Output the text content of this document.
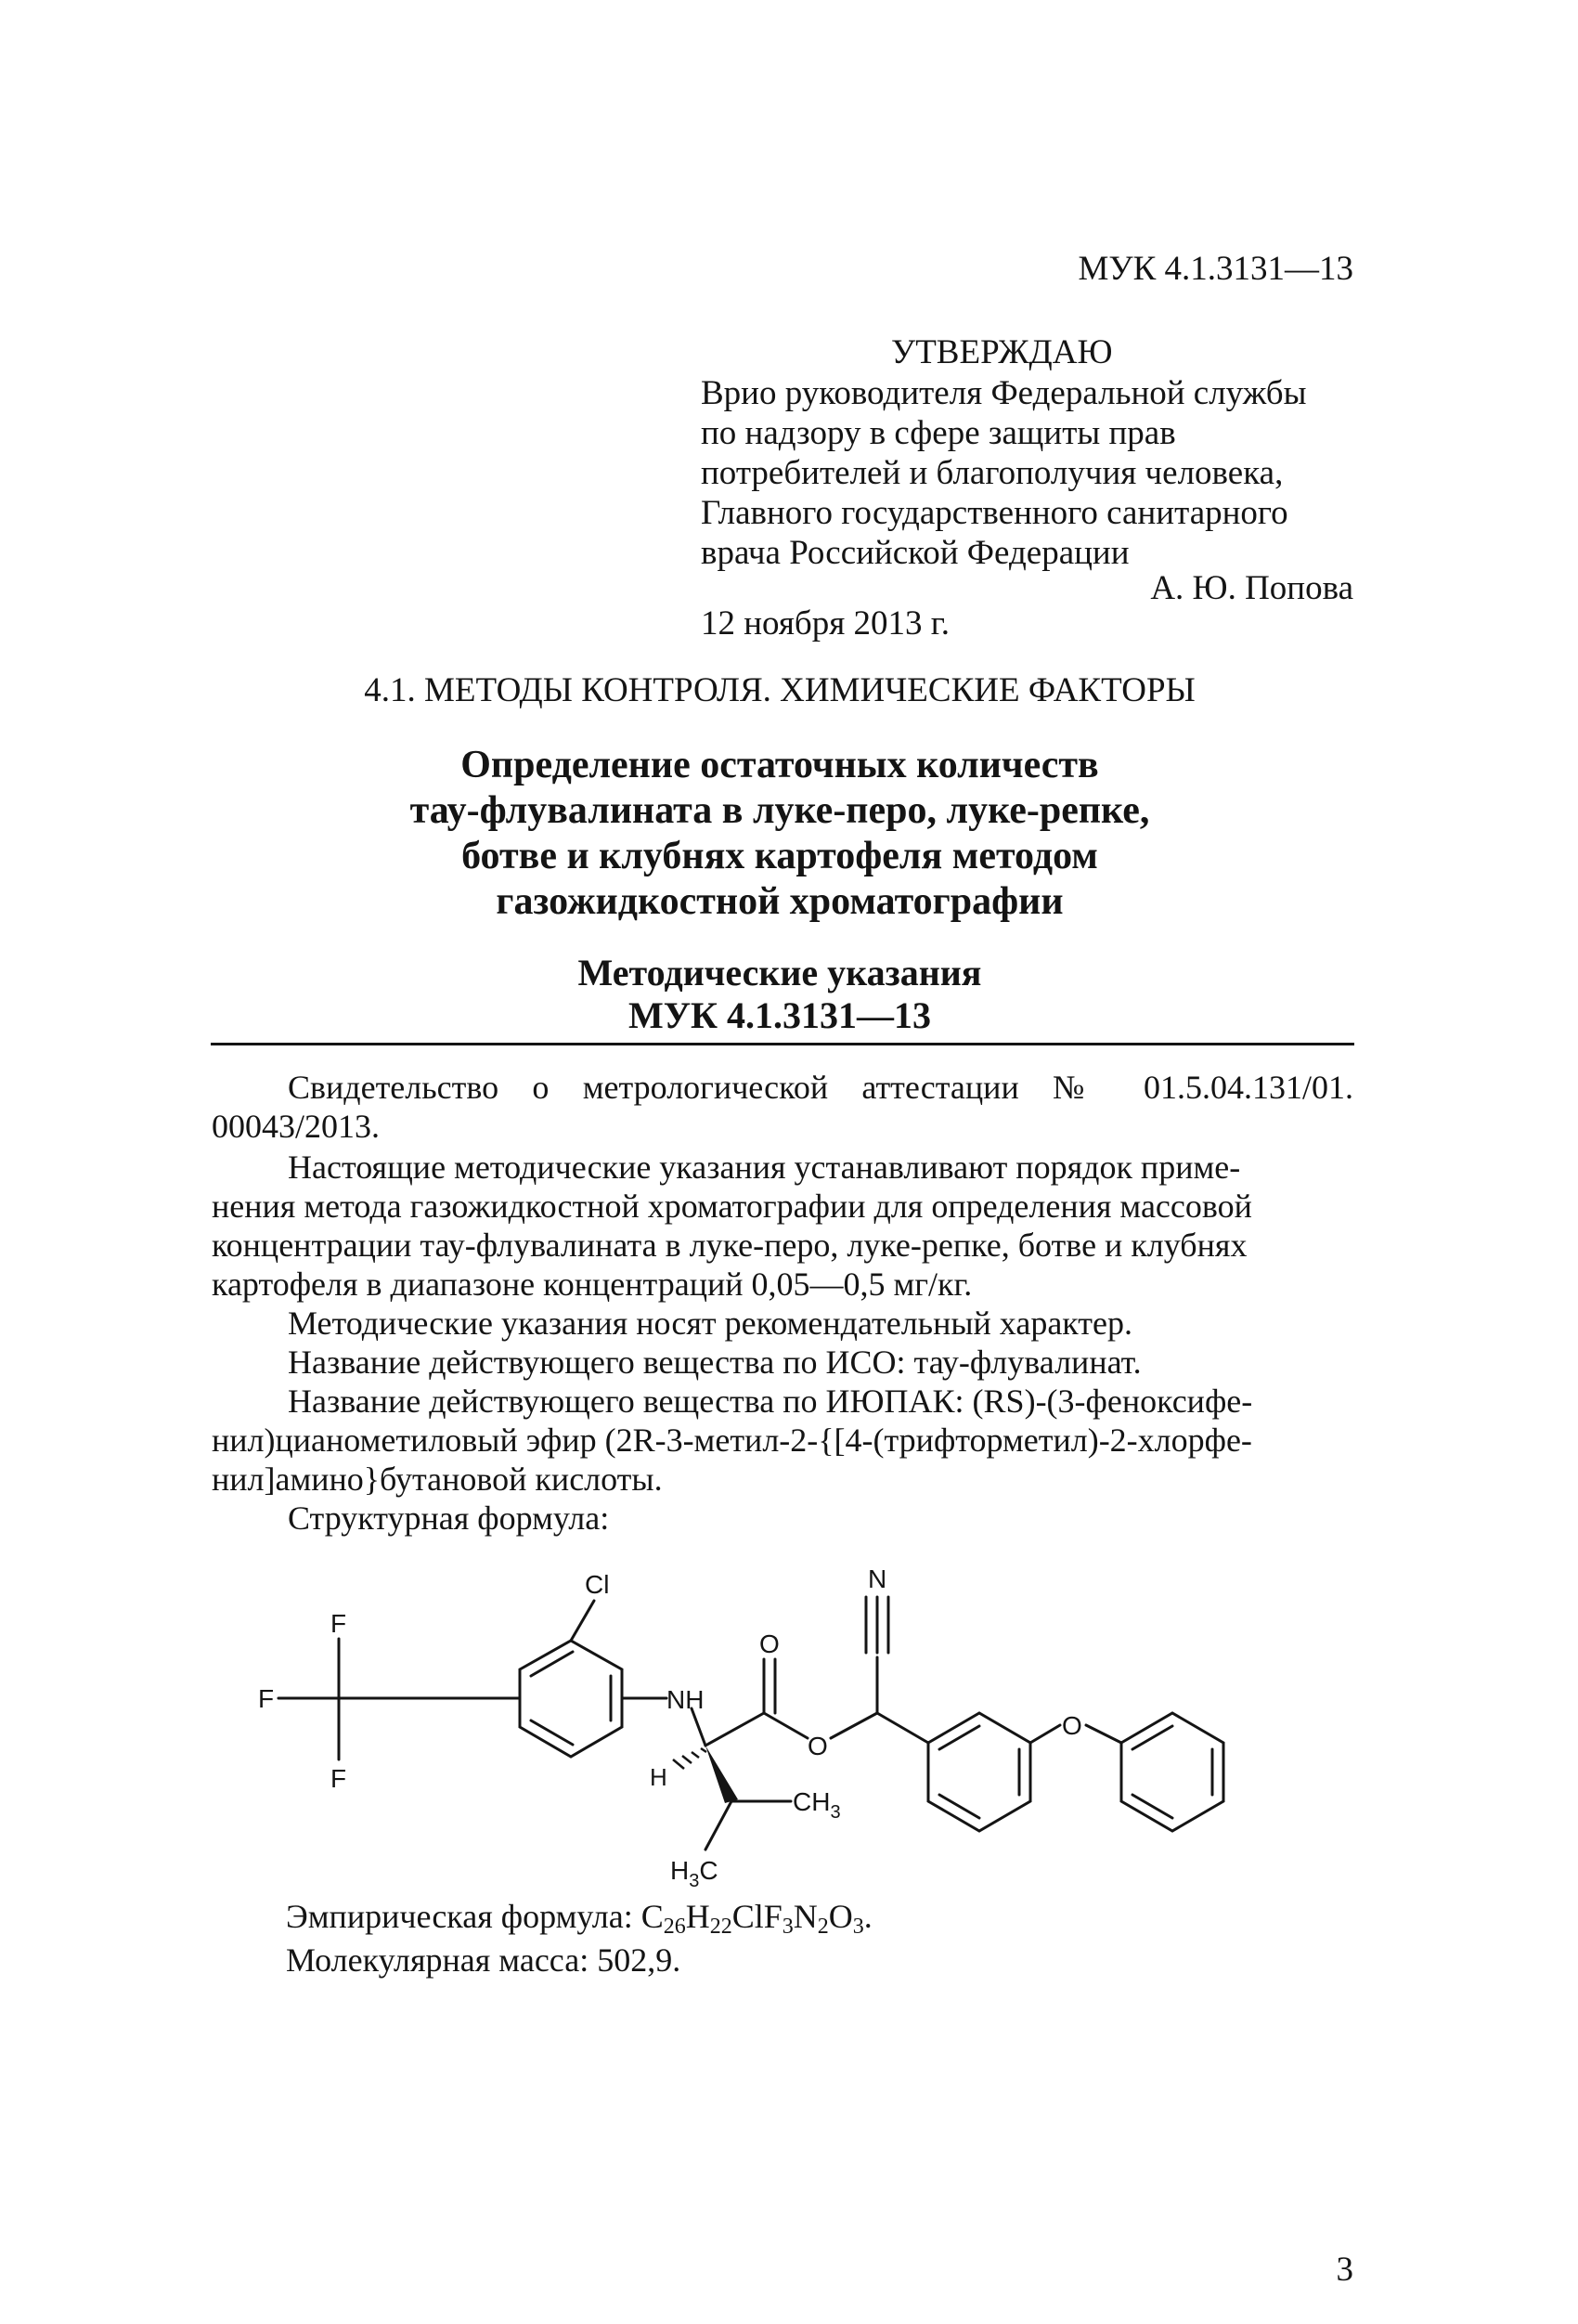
МУК 4.1.3131—13
УТВЕРЖДАЮ
Врио руководителя Федеральной службы
по надзору в сфере защиты прав
потребителей и благополучия человека,
Главного государственного санитарного
врача Российской Федерации
А. Ю. Попова
12 ноября 2013 г.
4.1. МЕТОДЫ КОНТРОЛЯ. ХИМИЧЕСКИЕ ФАКТОРЫ
Определение остаточных количеств
тау-флувалината в луке-перо, луке-репке,
ботве и клубнях картофеля методом
газожидкостной хроматографии
Методические указания
МУК 4.1.3131—13
Свидетельство о метрологической аттестации № 01.5.04.131/01.
00043/2013.
Настоящие методические указания устанавливают порядок приме-
нения метода газожидкостной хроматографии для определения массовой
концентрации тау-флувалината в луке-перо, луке-репке, ботве и клубнях
картофеля в диапазоне концентраций 0,05—0,5 мг/кг.
Методические указания носят рекомендательный характер.
Название действующего вещества по ИСО: тау-флувалинат.
Название действующего вещества по ИЮПАК: (RS)-(3-феноксифе-
нил)цианометиловый эфир (2R-3-метил-2-{[4-(трифторметил)-2-хлорфе-
нил]амино}бутановой кислоты.
Структурная формула:
Cl
F
F
F
NH
O
O
N
O
H
$CH_3$
$H_3C$
Эмпирическая формула: $C_{26}H_{22}ClF_3N_2O_3$.
Молекулярная масса: 502,9.
3
